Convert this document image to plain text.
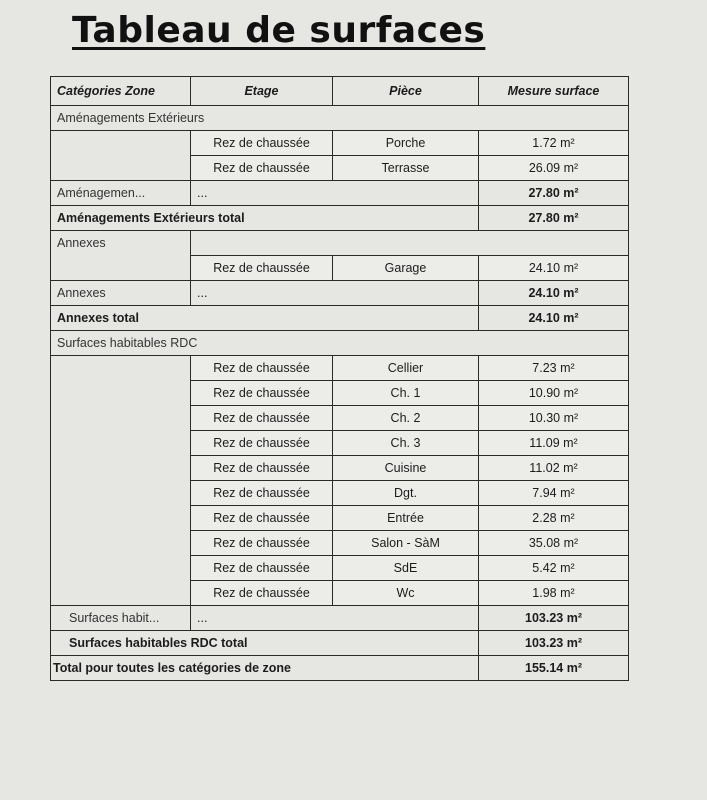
Tableau de surfaces
Catégories Zone	Etage	Pièce	Mesure surface
Aménagements Extérieurs			
	Rez de chaussée	Porche	1.72 m²
	Rez de chaussée	Terrasse	26.09 m²
Aménagemen...	...		27.80 m²
Aménagements Extérieurs total			27.80 m²
Annexes			
	Rez de chaussée	Garage	24.10 m²
Annexes	...		24.10 m²
Annexes total			24.10 m²
Surfaces habitables RDC			
	Rez de chaussée	Cellier	7.23 m²
	Rez de chaussée	Ch. 1	10.90 m²
	Rez de chaussée	Ch. 2	10.30 m²
	Rez de chaussée	Ch. 3	11.09 m²
	Rez de chaussée	Cuisine	11.02 m²
	Rez de chaussée	Dgt.	7.94 m²
	Rez de chaussée	Entrée	2.28 m²
	Rez de chaussée	Salon - SàM	35.08 m²
	Rez de chaussée	SdE	5.42 m²
	Rez de chaussée	Wc	1.98 m²
Surfaces habit...	...		103.23 m²
Surfaces habitables RDC total			103.23 m²
Total pour toutes les catégories de zone			155.14 m²
